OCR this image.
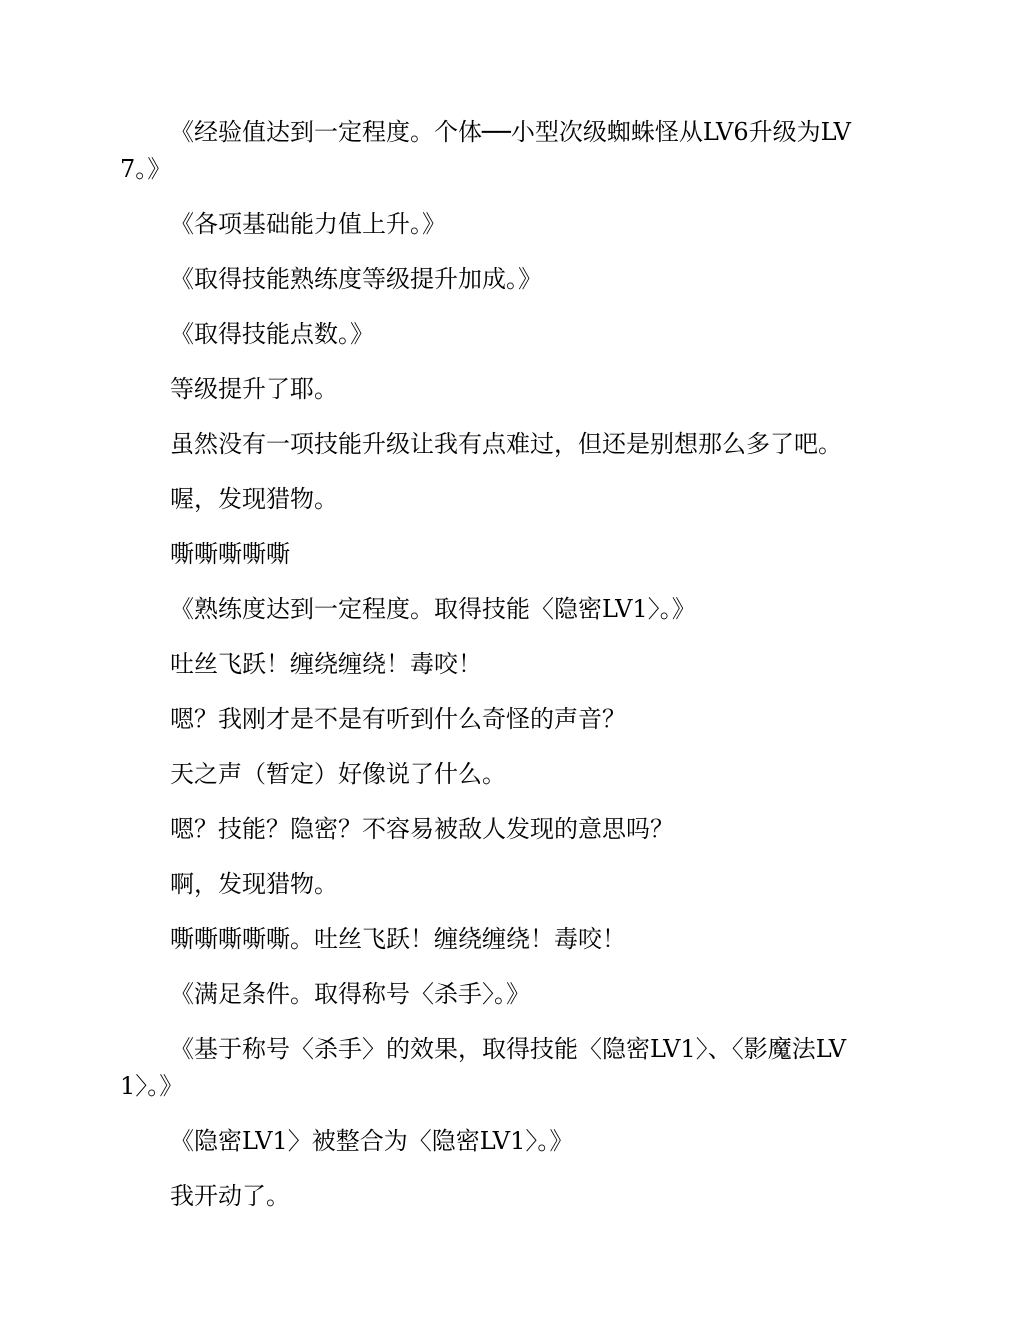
《经验值达到一定程度。个体──小型次级蜘蛛怪从LV6升级为LV7。》

《各项基础能力值上升。》

《取得技能熟练度等级提升加成。》

《取得技能点数。》

等级提升了耶。

虽然没有一项技能升级让我有点难过，但还是别想那么多了吧。

喔，发现猎物。

嘶嘶嘶嘶嘶

《熟练度达到一定程度。取得技能〈隐密LV1〉。》

吐丝飞跃！缠绕缠绕！毒咬！

嗯？我刚才是不是有听到什么奇怪的声音？

天之声（暂定）好像说了什么。

嗯？技能？隐密？不容易被敌人发现的意思吗？

啊，发现猎物。

嘶嘶嘶嘶嘶。吐丝飞跃！缠绕缠绕！毒咬！

《满足条件。取得称号〈杀手〉。》

《基于称号〈杀手〉的效果，取得技能〈隐密LV1〉、〈影魔法LV1〉。》

《隐密LV1〉被整合为〈隐密LV1〉。》

我开动了。
